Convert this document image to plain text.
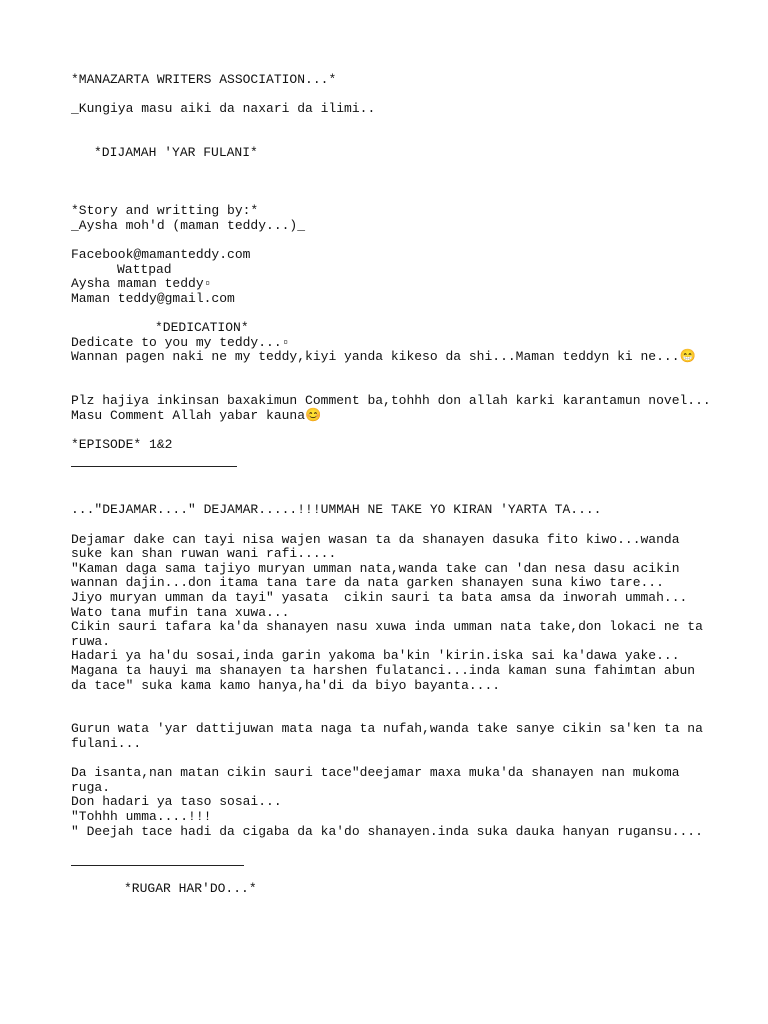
*MANAZARTA WRITERS ASSOCIATION...*
_Kungiya masu aiki da naxari da ilimi..
*DIJAMAH 'YAR FULANI*
*Story and writting by:*
_Aysha moh'd (maman teddy...)_
Facebook@mamanteddy.com
Wattpad
Aysha maman teddy▫
Maman teddy@gmail.com
*DEDICATION*
Dedicate to you my teddy...▫
Wannan pagen naki ne my teddy,kiyi yanda kikeso da shi...Maman teddyn ki ne...😁
Plz hajiya inkinsan baxakimun Comment ba,tohhh don allah karki karantamun novel...
Masu Comment Allah yabar kauna😊
*EPISODE* 1&2
..."DEJAMAR...." DEJAMAR.....!!!UMMAH NE TAKE YO KIRAN 'YARTA TA....
Dejamar dake can tayi nisa wajen wasan ta da shanayen dasuka fito kiwo...wanda suke kan shan ruwan wani rafi.....
"Kaman daga sama tajiyo muryan umman nata,wanda take can 'dan nesa dasu acikin wannan dajin...don itama tana tare da nata garken shanayen suna kiwo tare...
Jiyo muryan umman da tayi" yasata  cikin sauri ta bata amsa da inworah ummah...
Wato tana mufin tana xuwa...
Cikin sauri tafara ka'da shanayen nasu xuwa inda umman nata take,don lokaci ne ta ruwa.
Hadari ya ha'du sosai,inda garin yakoma ba'kin 'kirin.iska sai ka'dawa yake...
Magana ta hauyi ma shanayen ta harshen fulatanci...inda kaman suna fahimtan abun da tace" suka kama kamo hanya,ha'di da biyo bayanta....
Gurun wata 'yar dattijuwan mata naga ta nufah,wanda take sanye cikin sa'ken ta na fulani...
Da isanta,nan matan cikin sauri tace"deejamar maxa muka'da shanayen nan mukoma ruga.
Don hadari ya taso sosai...
"Tohhh umma....!!!
" Deejah tace hadi da cigaba da ka'do shanayen.inda suka dauka hanyan rugansu....
*RUGAR HAR'DO...*
